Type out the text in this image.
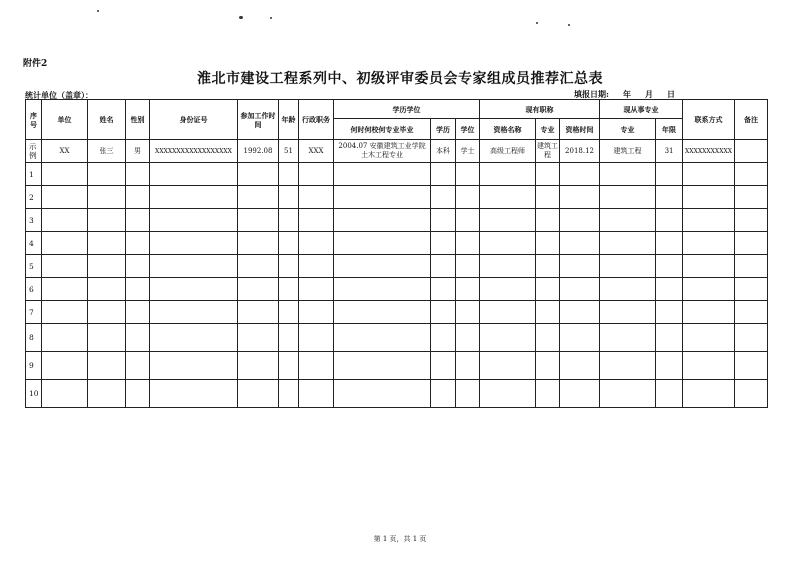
附件2
淮北市建设工程系列中、初级评审委员会专家组成员推荐汇总表
统计单位（盖章）：	填报日期: 年 月 日
序号	单位	姓名	性别	身份证号	参加工作时间	年龄	行政职务	学历学位			现有职称			现从事专业		联系方式	备注
								何时何校何专业毕业	学历	学位	资格名称	专业	资格时间	专业	年限		
示例	XX	张三	男	XXXXXXXXXXXXXXXXXX	1992.08	51	XXX	2004.07 安徽建筑工业学院 土木工程专业	本科	学士	高级工程师	建筑工程	2018.12	建筑工程	31	XXXXXXXXXXX	
1																	
2																	
3																	
4																	
5																	
6																	
7																	
8																	
9																	
10																	
第 1 页，共 1 页
